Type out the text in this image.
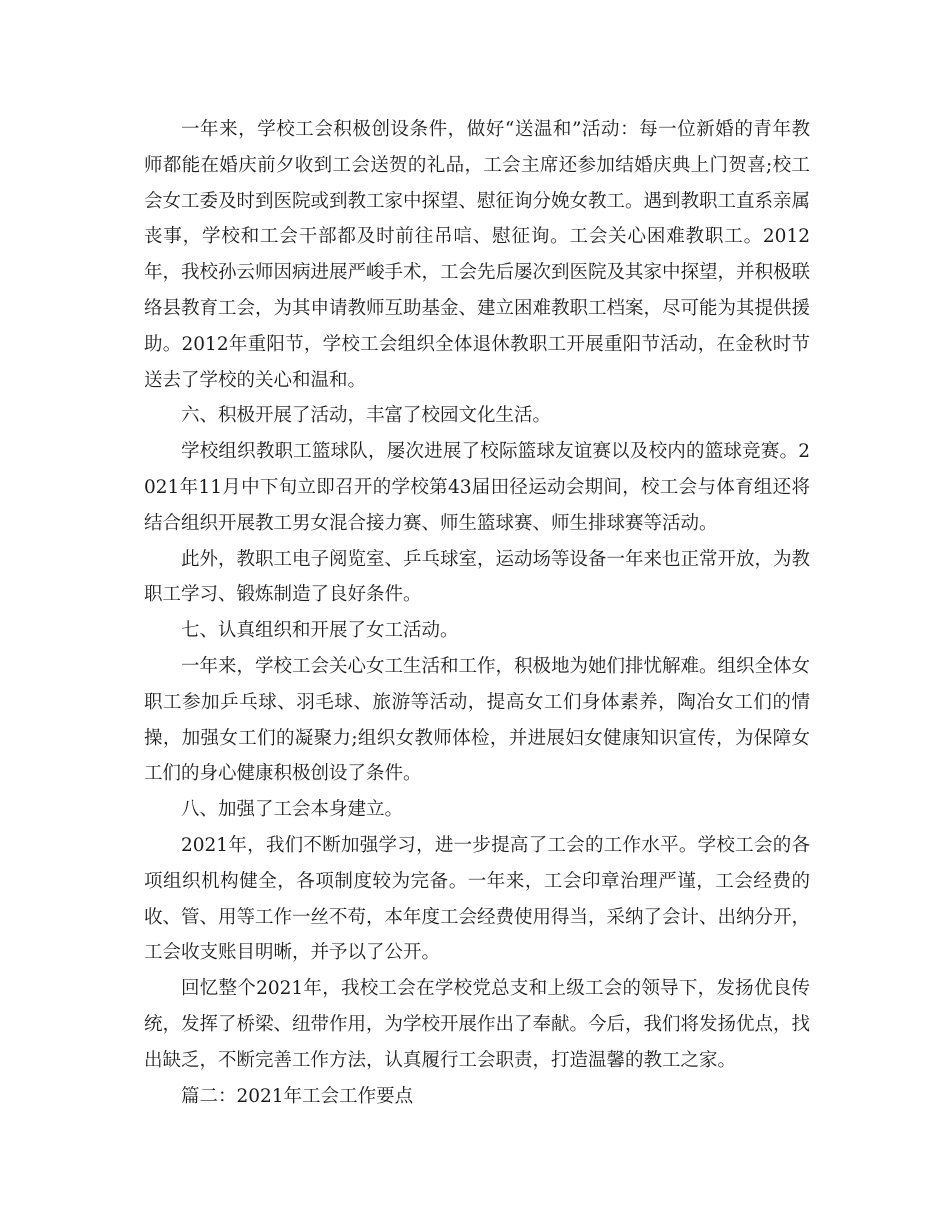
一年来，学校工会积极创设条件，做好“送温和”活动：每一位新婚的青年教师都能在婚庆前夕收到工会送贺的礼品，工会主席还参加结婚庆典上门贺喜;校工会女工委及时到医院或到教工家中探望、慰征询分娩女教工。遇到教职工直系亲属丧事，学校和工会干部都及时前往吊唁、慰征询。工会关心困难教职工。2012年，我校孙云师因病进展严峻手术，工会先后屡次到医院及其家中探望，并积极联络县教育工会，为其申请教师互助基金、建立困难教职工档案，尽可能为其提供援助。2012年重阳节，学校工会组织全体退休教职工开展重阳节活动，在金秋时节送去了学校的关心和温和。

六、积极开展了活动，丰富了校园文化生活。

学校组织教职工篮球队，屡次进展了校际篮球友谊赛以及校内的篮球竞赛。2021年11月中下旬立即召开的学校第43届田径运动会期间，校工会与体育组还将结合组织开展教工男女混合接力赛、师生篮球赛、师生排球赛等活动。

此外，教职工电子阅览室、乒乓球室，运动场等设备一年来也正常开放，为教职工学习、锻炼制造了良好条件。

七、认真组织和开展了女工活动。

一年来，学校工会关心女工生活和工作，积极地为她们排忧解难。组织全体女职工参加乒乓球、羽毛球、旅游等活动，提高女工们身体素养，陶冶女工们的情操，加强女工们的凝聚力;组织女教师体检，并进展妇女健康知识宣传，为保障女工们的身心健康积极创设了条件。

八、加强了工会本身建立。

2021年，我们不断加强学习，进一步提高了工会的工作水平。学校工会的各项组织机构健全，各项制度较为完备。一年来，工会印章治理严谨，工会经费的收、管、用等工作一丝不苟，本年度工会经费使用得当，采纳了会计、出纳分开，工会收支账目明晰，并予以了公开。

回忆整个2021年，我校工会在学校党总支和上级工会的领导下，发扬优良传统，发挥了桥梁、纽带作用，为学校开展作出了奉献。今后，我们将发扬优点，找出缺乏，不断完善工作方法，认真履行工会职责，打造温馨的教工之家。

篇二：2021年工会工作要点
